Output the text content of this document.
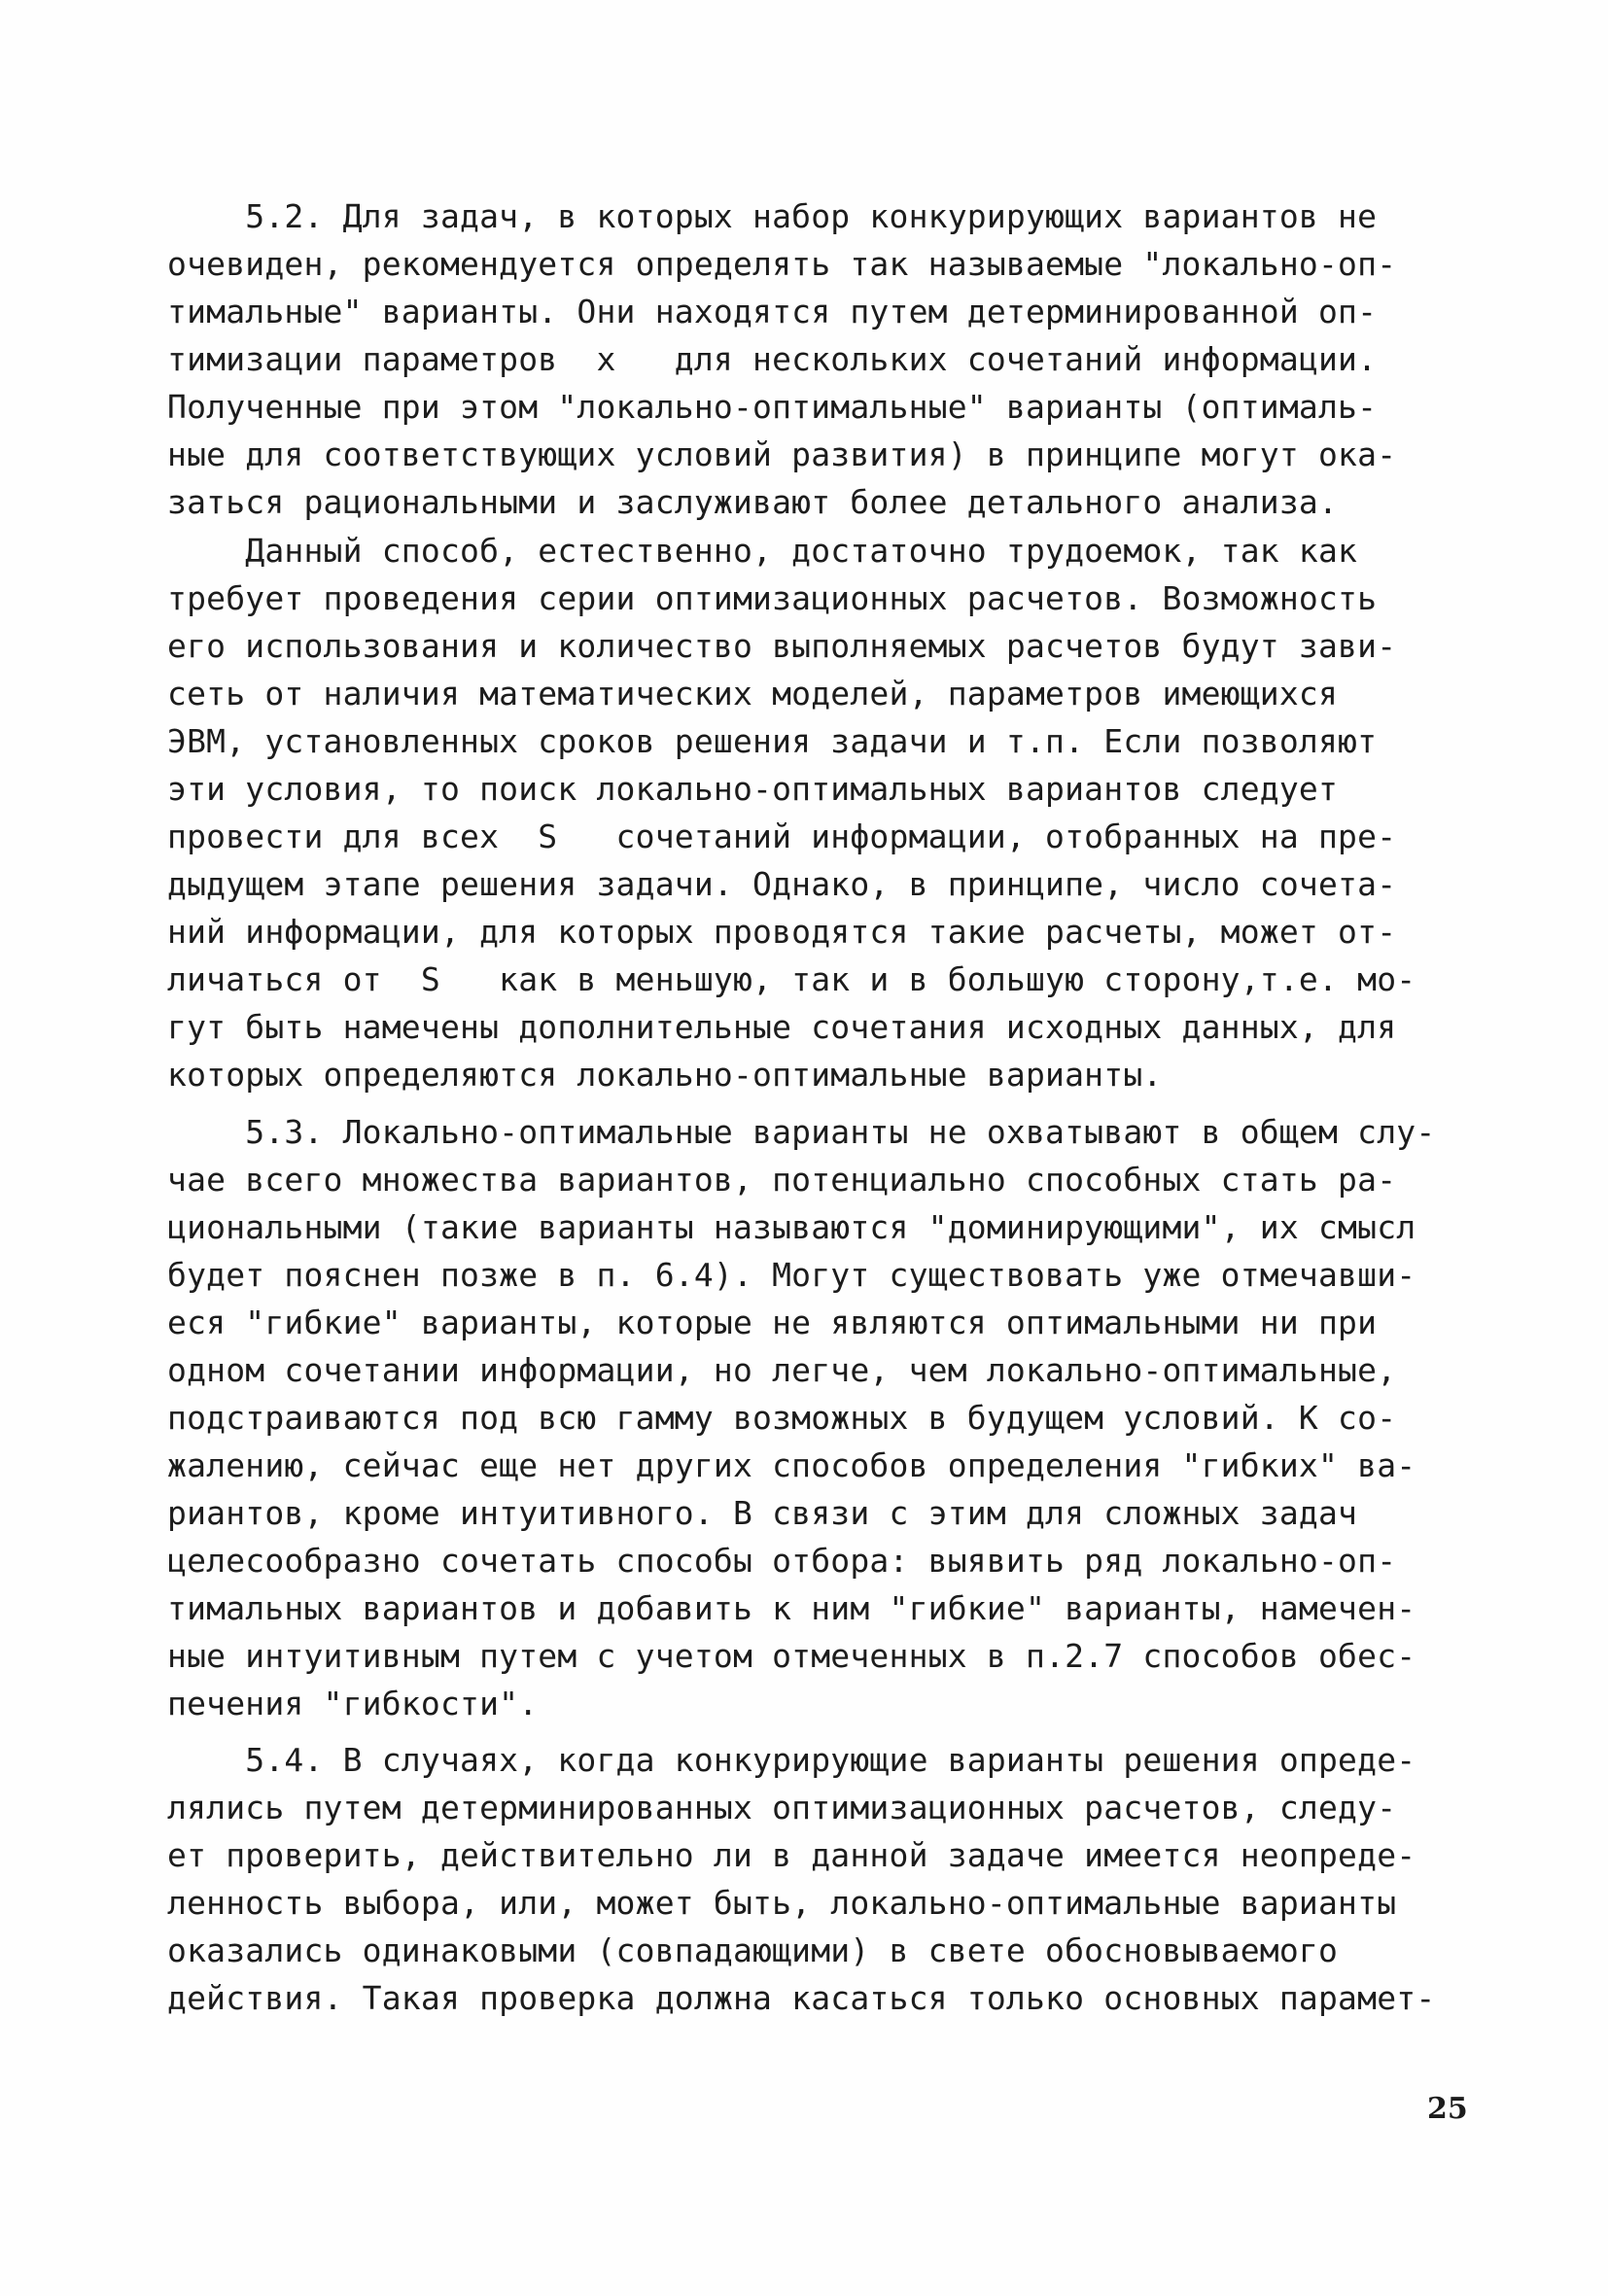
5.2. Для задач, в которых набор конкурирующих вариантов не
очевиден, рекомендуется определять так называемые "локально-оп-
тимальные" варианты. Они находятся путем детерминированной оп-
тимизации параметров  x   для нескольких сочетаний информации.
Полученные при этом "локально-оптимальные" варианты (оптималь-
ные для соответствующих условий развития) в принципе могут ока-
заться рациональными и заслуживают более детального анализа.
Данный способ, естественно, достаточно трудоемок, так как
требует проведения серии оптимизационных расчетов. Возможность
его использования и количество выполняемых расчетов будут зави-
сеть от наличия математических моделей, параметров имеющихся
ЭВМ, установленных сроков решения задачи и т.п. Если позволяют
эти условия, то поиск локально-оптимальных вариантов следует
провести для всех  S   сочетаний информации, отобранных на пре-
дыдущем этапе решения задачи. Однако, в принципе, число сочета-
ний информации, для которых проводятся такие расчеты, может от-
личаться от  S   как в меньшую, так и в большую сторону,т.е. мо-
гут быть намечены дополнительные сочетания исходных данных, для
которых определяются локально-оптимальные варианты.
5.3. Локально-оптимальные варианты не охватывают в общем слу-
чае всего множества вариантов, потенциально способных стать ра-
циональными (такие варианты называются "доминирующими", их смысл
будет пояснен позже в п. 6.4). Могут существовать уже отмечавши-
еся "гибкие" варианты, которые не являются оптимальными ни при
одном сочетании информации, но легче, чем локально-оптимальные,
подстраиваются под всю гамму возможных в будущем условий. К со-
жалению, сейчас еще нет других способов определения "гибких" ва-
риантов, кроме интуитивного. В связи с этим для сложных задач
целесообразно сочетать способы отбора: выявить ряд локально-оп-
тимальных вариантов и добавить к ним "гибкие" варианты, намечен-
ные интуитивным путем с учетом отмеченных в п.2.7 способов обес-
печения "гибкости".
5.4. В случаях, когда конкурирующие варианты решения опреде-
лялись путем детерминированных оптимизационных расчетов, следу-
ет проверить, действительно ли в данной задаче имеется неопреде-
ленность выбора, или, может быть, локально-оптимальные варианты
оказались одинаковыми (совпадающими) в свете обосновываемого
действия. Такая проверка должна касаться только основных парамет-
25
